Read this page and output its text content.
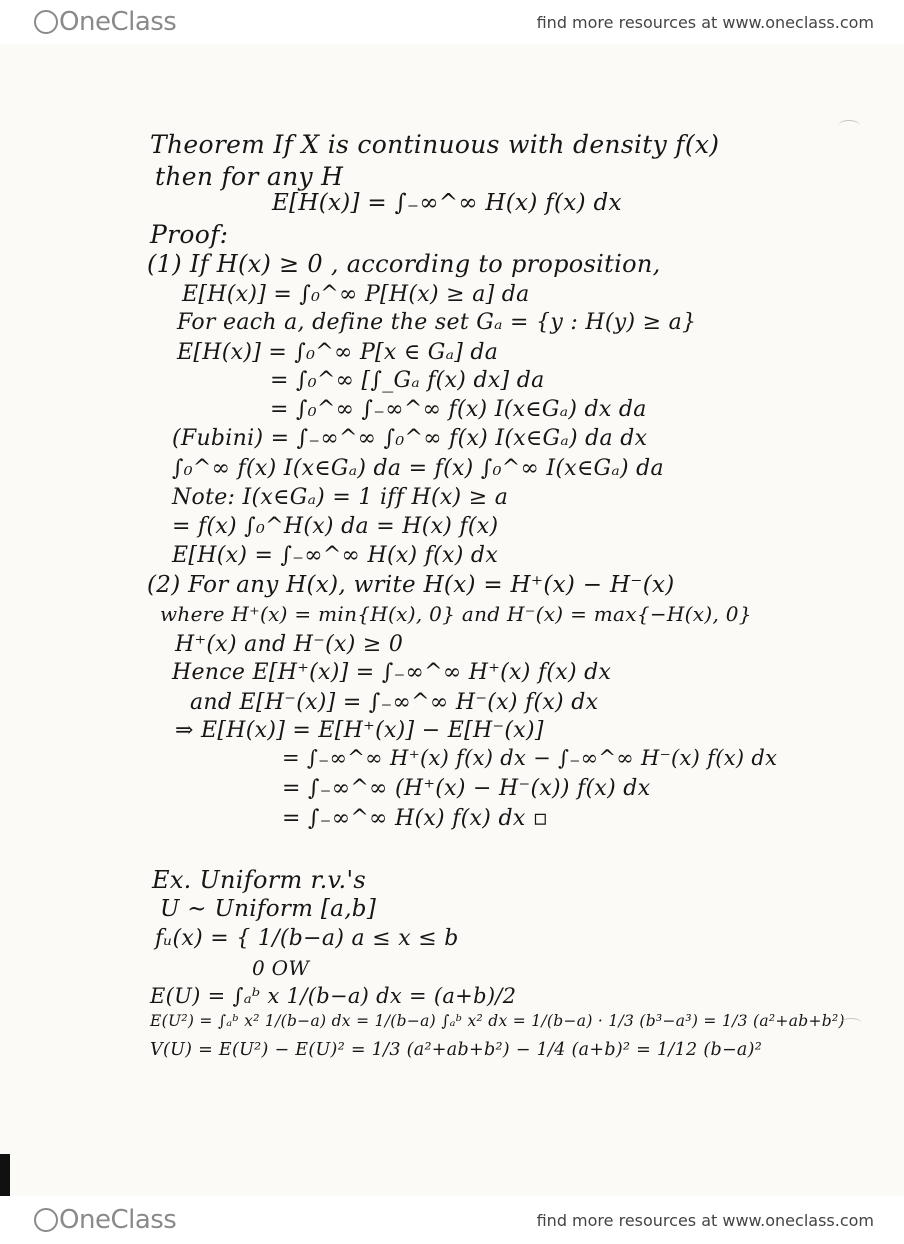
OneClass	find more resources at www.oneclass.com
Theorem If X is continuous with density f(x)
then for any H
E[H(x)] = ∫₋∞^∞ H(x) f(x) dx
Proof:
(1) If H(x) ≥ 0 , according to proposition,
E[H(x)] = ∫₀^∞ P[H(x) ≥ a] da
For each a, define the set Gₐ = {y : H(y) ≥ a}
E[H(x)] = ∫₀^∞ P[x ∈ Gₐ] da
= ∫₀^∞ [∫_Gₐ f(x) dx] da
= ∫₀^∞ ∫₋∞^∞ f(x) I(x∈Gₐ) dx da
(Fubini) = ∫₋∞^∞ ∫₀^∞ f(x) I(x∈Gₐ) da dx
∫₀^∞ f(x) I(x∈Gₐ) da = f(x) ∫₀^∞ I(x∈Gₐ) da
Note: I(x∈Gₐ) = 1 iff H(x) ≥ a
= f(x) ∫₀^H(x) da = H(x) f(x)
E[H(x) = ∫₋∞^∞ H(x) f(x) dx
(2) For any H(x), write H(x) = H⁺(x) − H⁻(x)
where H⁺(x) = min{H(x), 0} and H⁻(x) = max{−H(x), 0}
H⁺(x) and H⁻(x) ≥ 0
Hence E[H⁺(x)] = ∫₋∞^∞ H⁺(x) f(x) dx
and E[H⁻(x)] = ∫₋∞^∞ H⁻(x) f(x) dx
⇒ E[H(x)] = E[H⁺(x)] − E[H⁻(x)]
= ∫₋∞^∞ H⁺(x) f(x) dx − ∫₋∞^∞ H⁻(x) f(x) dx
= ∫₋∞^∞ (H⁺(x) − H⁻(x)) f(x) dx
= ∫₋∞^∞ H(x) f(x) dx ▫
Ex. Uniform r.v.'s
U ~ Uniform [a,b]
fᵤ(x) = { 1/(b−a) a ≤ x ≤ b
0 OW
E(U) = ∫ₐᵇ x 1/(b−a) dx = (a+b)/2
E(U²) = ∫ₐᵇ x² 1/(b−a) dx = 1/(b−a) ∫ₐᵇ x² dx = 1/(b−a) · 1/3 (b³−a³) = 1/3 (a²+ab+b²)
V(U) = E(U²) − E(U)² = 1/3 (a²+ab+b²) − 1/4 (a+b)² = 1/12 (b−a)²
OneClass	find more resources at www.oneclass.com
